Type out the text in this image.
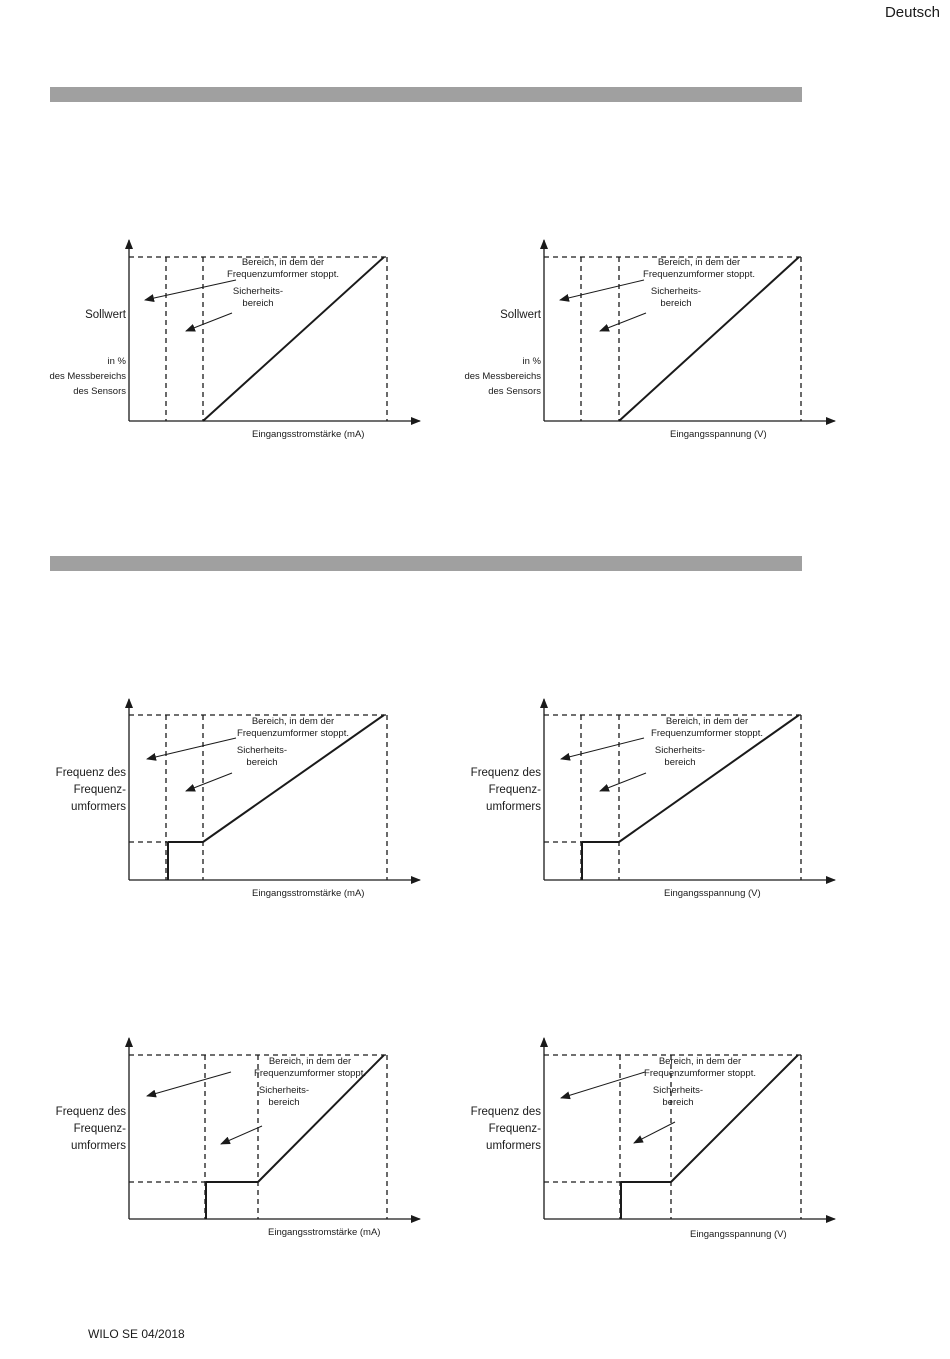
Deutsch
Bereich, in dem der
Frequenzumformer stoppt.
Sicherheits-
bereich
Sollwert
in %
des Messbereichs
des Sensors
Eingangsstromstärke (mA)
Bereich, in dem der
Frequenzumformer stoppt.
Sicherheits-
bereich
Sollwert
in %
des Messbereichs
des Sensors
Eingangsspannung (V)
Bereich, in dem der
Frequenzumformer stoppt.
Sicherheits-
bereich
Frequenz des
Frequenz-
umformers
Eingangsstromstärke (mA)
Bereich, in dem der
Frequenzumformer stoppt.
Sicherheits-
bereich
Frequenz des
Frequenz-
umformers
Eingangsspannung (V)
Bereich, in dem der
Frequenzumformer stoppt.
Sicherheits-
bereich
Frequenz des
Frequenz-
umformers
Eingangsstromstärke (mA)
Bereich, in dem der
Frequenzumformer stoppt.
Sicherheits-
bereich
Frequenz des
Frequenz-
umformers
Eingangsspannung (V)
WILO SE 04/2018
